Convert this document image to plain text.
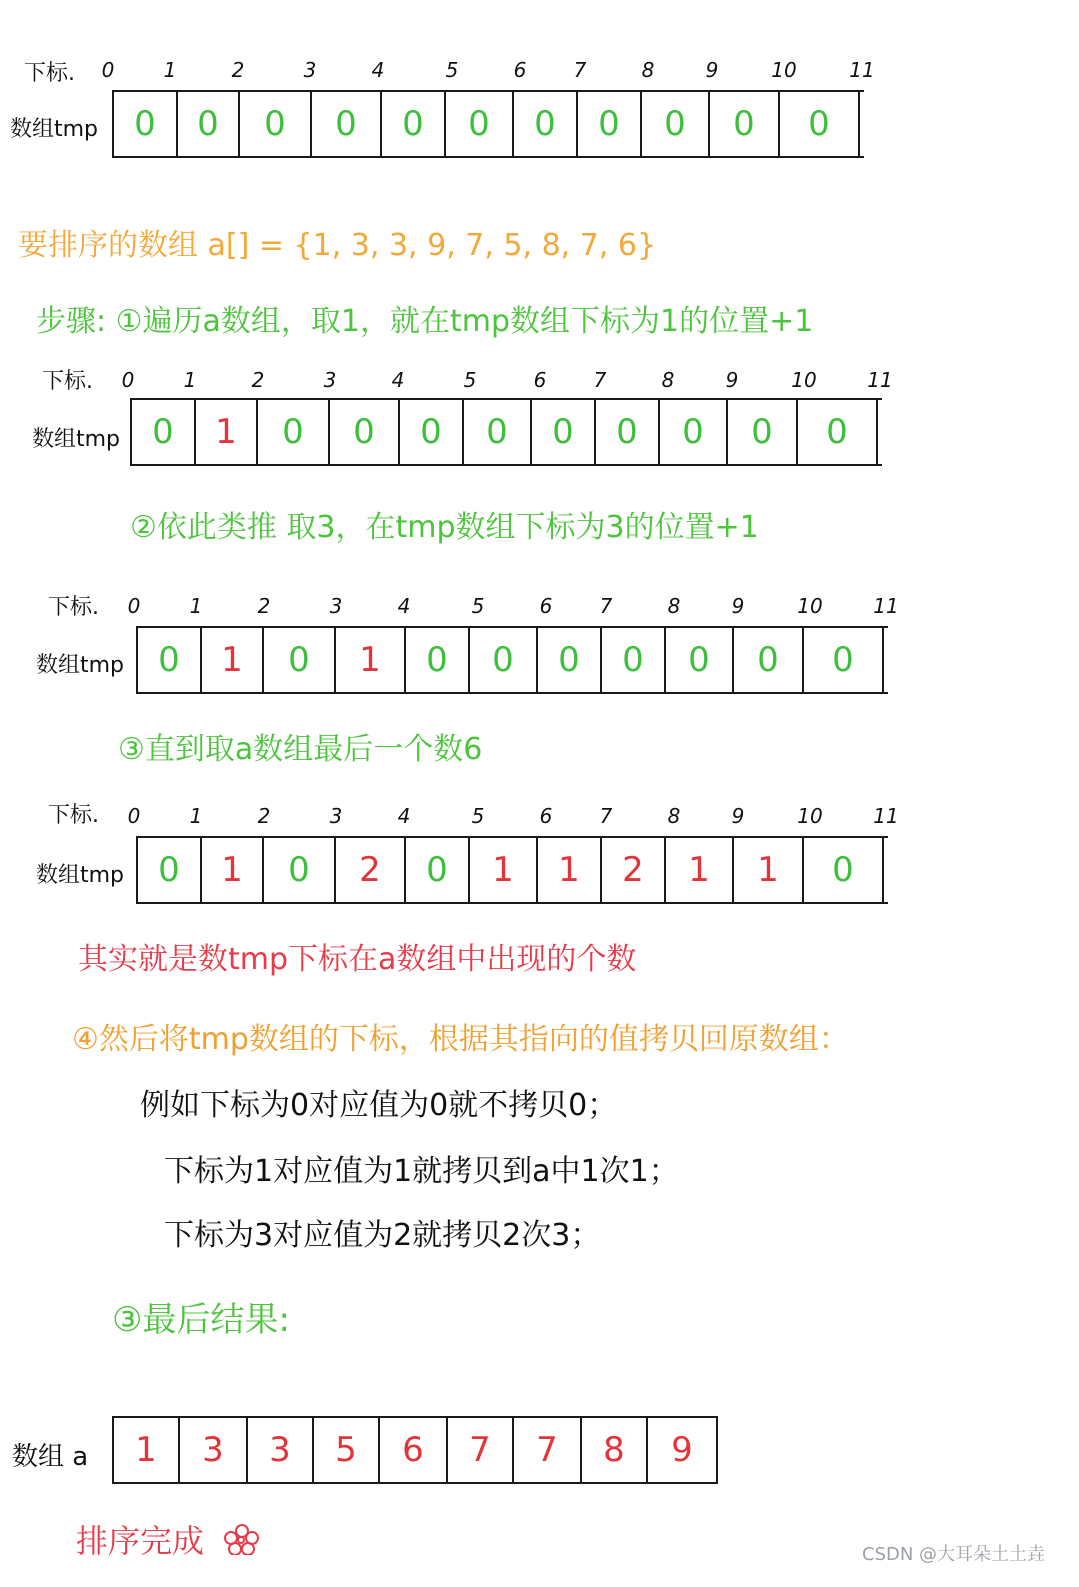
下标. 0 1	2	3	4	5	6 7	8	9	10	11
数组tmp	0	0	0	0	0	0	0	0	0	0	0
要排序的数组 a[] = {1, 3, 3, 9, 7, 5, 8, 7, 6}
步骤: ①遍历a数组，取1，就在tmp数组下标为1的位置+1
下标. 0 1	2	3	4	5	6 7	8	9	10	11
数组tmp 0	1	0	0	0	0	0	0	0	0	0
②依此类推 取3，在tmp数组下标为3的位置+1
下标. 0 1	2	3	4	5	6 7	8	9	10	11
数组tmp	0	1	0	1	0	0	0	0	0	0	0
③直到取a数组最后一个数6
下标. 0 1	2	3	4	5	6 7	8	9	10	11
数组tmp	0	1	0	2	0	1	1	2	1	1	0
其实就是数tmp下标在a数组中出现的个数
④然后将tmp数组的下标，根据其指向的值拷贝回原数组：
例如下标为0对应值为0就不拷贝0；
下标为1对应值为1就拷贝到a中1次1；
下标为3对应值为2就拷贝2次3；
③最后结果:
数组 a	1	3	3	5	6	7	7	8	9
排序完成	CSDN @大耳朵土土垚
